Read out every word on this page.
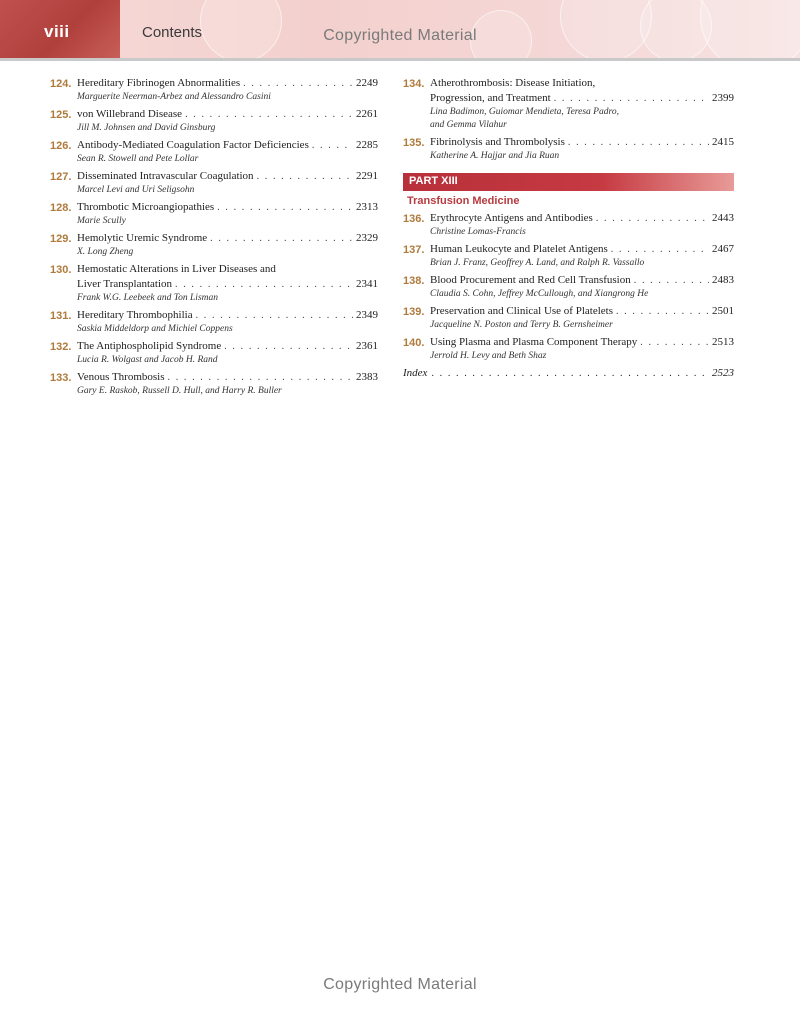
viii	Contents	Copyrighted Material
124. Hereditary Fibrinogen Abnormalities . . .	2249
Marguerite Neerman-Arbez and Alessandro Casini
125. von Willebrand Disease . . .	2261
Jill M. Johnsen and David Ginsburg
126. Antibody-Mediated Coagulation Factor Deficiencies . . .	2285
Sean R. Stowell and Pete Lollar
127. Disseminated Intravascular Coagulation . . .	2291
Marcel Levi and Uri Seligsohn
128. Thrombotic Microangiopathies . . .	2313
Marie Scully
129. Hemolytic Uremic Syndrome . . .	2329
X. Long Zheng
130. Hemostatic Alterations in Liver Diseases and
Liver Transplantation . . .	2341
Frank W.G. Leebeek and Ton Lisman
131. Hereditary Thrombophilia . . .	2349
Saskia Middeldorp and Michiel Coppens
132. The Antiphospholipid Syndrome . . .	2361
Lucia R. Wolgast and Jacob H. Rand
133. Venous Thrombosis . . .	2383
Gary E. Raskob, Russell D. Hull, and Harry R. Buller
134. Atherothrombosis: Disease Initiation,
Progression, and Treatment . . .	2399
Lina Badimon, Guiomar Mendieta, Teresa Padro,
and Gemma Vilahur
135. Fibrinolysis and Thrombolysis . . .	2415
Katherine A. Hajjar and Jia Ruan
PART XIII
Transfusion Medicine
136. Erythrocyte Antigens and Antibodies . . .	2443
Christine Lomas-Francis
137. Human Leukocyte and Platelet Antigens . . .	2467
Brian J. Franz, Geoffrey A. Land, and Ralph R. Vassallo
138. Blood Procurement and Red Cell Transfusion . . .	2483
Claudia S. Cohn, Jeffrey McCullough, and Xiangrong He
139. Preservation and Clinical Use of Platelets . . .	2501
Jacqueline N. Poston and Terry B. Gernsheimer
140. Using Plasma and Plasma Component Therapy . . .	2513
Jerrold H. Levy and Beth Shaz
Index . . .	2523
Copyrighted Material
